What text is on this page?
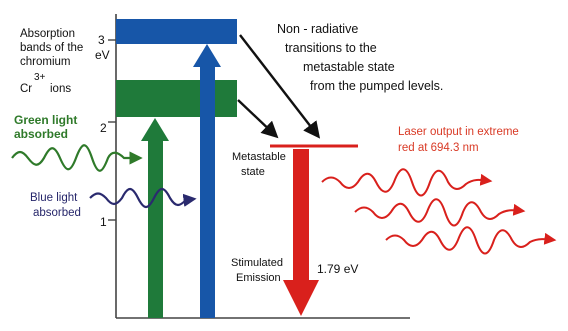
3
eV
2
1
Absorption
bands of the
chromium
Cr
3+
ions
Green light
absorbed
Blue light
absorbed
Non - radiative
transitions to the
metastable state
from the pumped levels.
Metastable
state
Laser output in extreme
red at 694.3 nm
Stimulated
Emission
1.79 eV
